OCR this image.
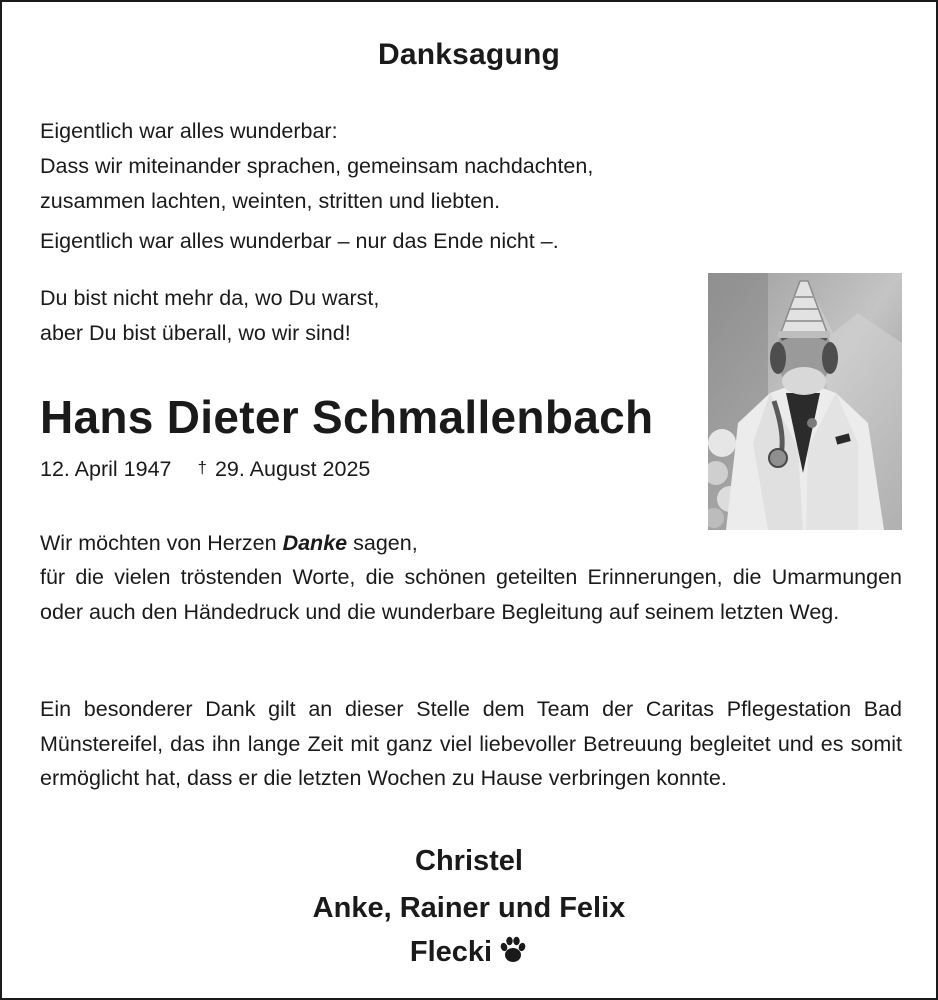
Danksagung
Eigentlich war alles wunderbar:
Dass wir miteinander sprachen, gemeinsam nachdachten,
zusammen lachten, weinten, stritten und liebten.
Eigentlich war alles wunderbar – nur das Ende nicht –.
Du bist nicht mehr da, wo Du warst,
aber Du bist überall, wo wir sind!
Hans Dieter Schmallenbach
12. April 1947 † 29. August 2025
Wir möchten von Herzen Danke sagen,
für die vielen tröstenden Worte, die schönen geteilten Erinnerungen, die Umarmungen oder auch den Händedruck und die wunderbare Begleitung auf seinem letzten Weg.
Ein besonderer Dank gilt an dieser Stelle dem Team der Caritas Pflegestation Bad Münstereifel, das ihn lange Zeit mit ganz viel liebevoller Betreuung begleitet und es somit ermöglicht hat, dass er die letzten Wochen zu Hause verbringen konnte.
Christel
Anke, Rainer und Felix
Flecki
